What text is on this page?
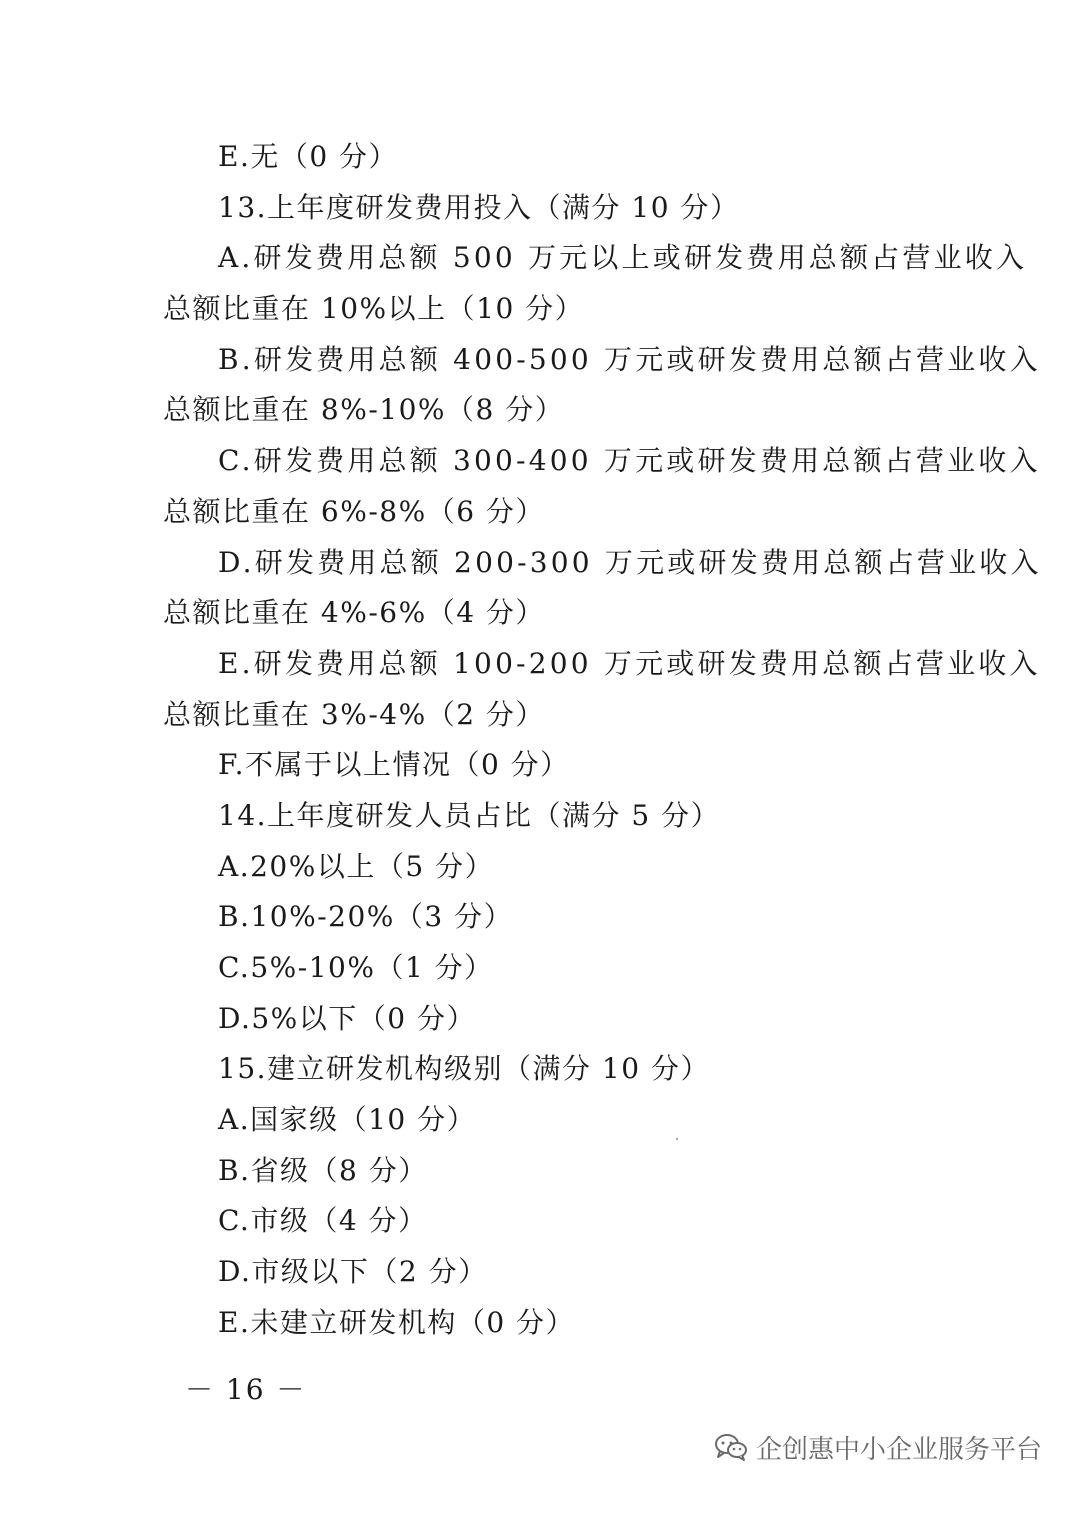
E.无（0 分）
13.上年度研发费用投入（满分 10 分）
A.研发费用总额 500 万元以上或研发费用总额占营业收入
总额比重在 10%以上（10 分）
B.研发费用总额 400-500 万元或研发费用总额占营业收入
总额比重在 8%-10%（8 分）
C.研发费用总额 300-400 万元或研发费用总额占营业收入
总额比重在 6%-8%（6 分）
D.研发费用总额 200-300 万元或研发费用总额占营业收入
总额比重在 4%-6%（4 分）
E.研发费用总额 100-200 万元或研发费用总额占营业收入
总额比重在 3%-4%（2 分）
F.不属于以上情况（0 分）
14.上年度研发人员占比（满分 5 分）
A.20%以上（5 分）
B.10%-20%（3 分）
C.5%-10%（1 分）
D.5%以下（0 分）
15.建立研发机构级别（满分 10 分）
A.国家级（10 分）
B.省级（8 分）
C.市级（4 分）
D.市级以下（2 分）
E.未建立研发机构（0 分）
－ 16 －
企创惠中小企业服务平台
